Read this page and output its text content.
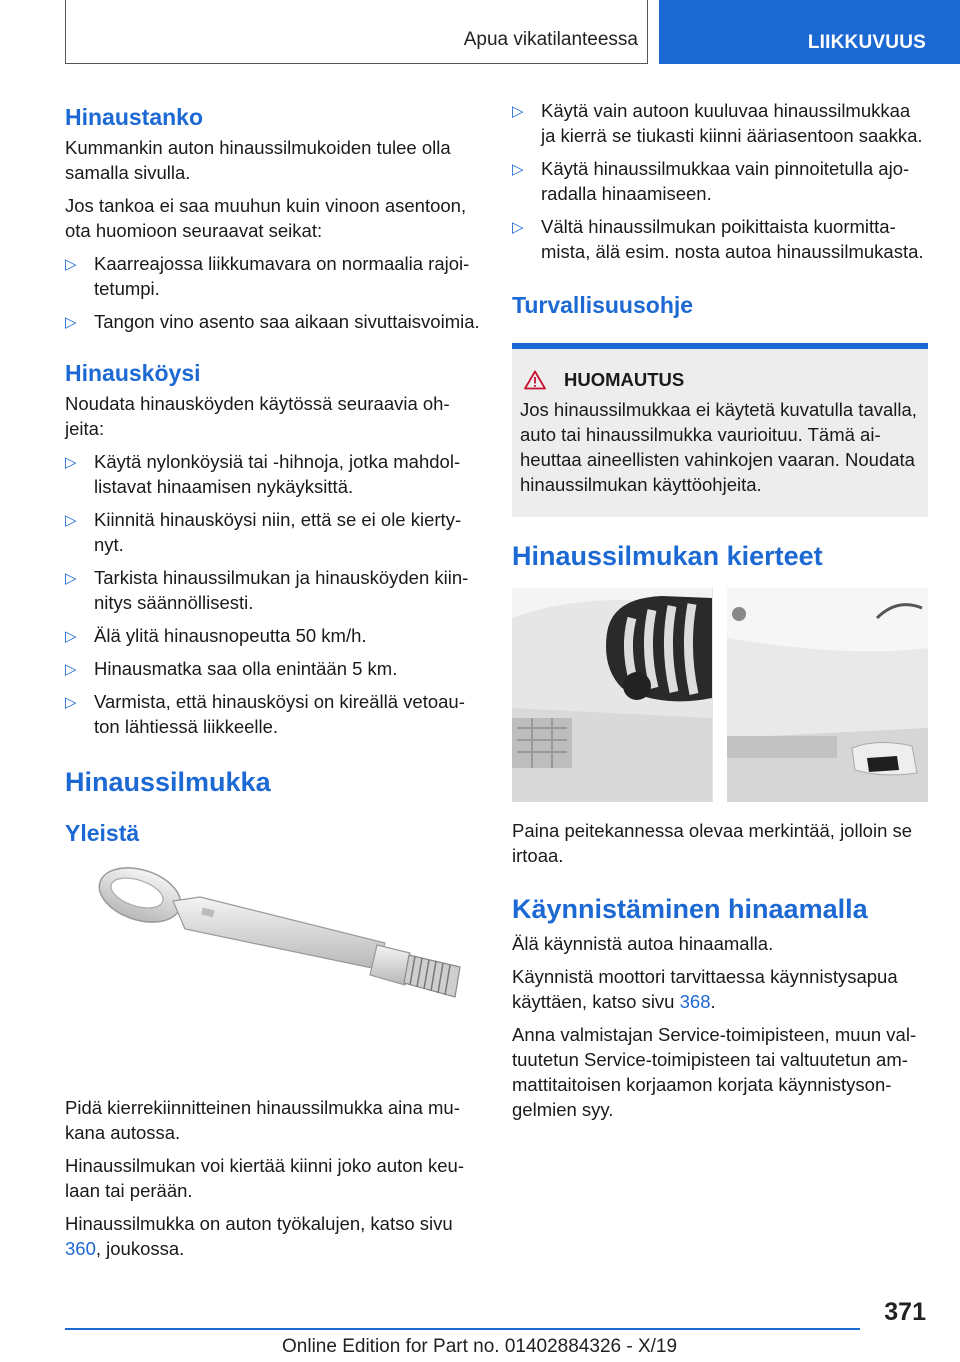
Apua vikatilanteessa	LIIKKUVUUS
Hinaustanko

Kummankin auton hinaussilmukoiden tulee olla samalla sivulla.

Jos tankoa ei saa muuhun kuin vinoon asentoon, ota huomioon seuraavat seikat:

▷ Kaarreajossa liikkumavara on normaalia rajoitetumpi.
▷ Tangon vino asento saa aikaan sivuttaisvoimia.
Hinausköysi

Noudata hinausköyden käytössä seuraavia ohjeita:

▷ Käytä nylonköysiä tai -hihnoja, jotka mahdollistavat hinaamisen nykäyksittä.
▷ Kiinnitä hinausköysi niin, että se ei ole kiertynyt.
▷ Tarkista hinaussilmukan ja hinausköyden kiinnitys säännöllisesti.
▷ Älä ylitä hinausnopeutta 50 km/h.
▷ Hinausmatka saa olla enintään 5 km.
▷ Varmista, että hinausköysi on kireällä vetoauton lähtiessä liikkeelle.
Hinaussilmukka
Yleistä

Pidä kierrekiinnitteinen hinaussilmukka aina mukana autossa.

Hinaussilmukan voi kiertää kiinni joko auton keulaan tai perään.

Hinaussilmukka on auton työkalujen, katso sivu 360, joukossa.

▷ Käytä vain autoon kuuluvaa hinaussilmukkaa ja kierrä se tiukasti kiinni ääriasentoon saakka.
▷ Käytä hinaussilmukkaa vain pinnoitetulla ajoradalla hinaamiseen.
▷ Vältä hinaussilmukan poikittaista kuormittamista, älä esim. nosta autoa hinaussilmukasta.
Turvallisuusohje
HUOMAUTUS

Jos hinaussilmukkaa ei käytetä kuvatulla tavalla, auto tai hinaussilmukka vaurioituu. Tämä aiheuttaa aineellisten vahinkojen vaaran. Noudata hinaussilmukan käyttöohjeita.

Hinaussilmukan kierteet

Paina peitekannessa olevaa merkintää, jolloin se irtoaa.

Käynnistäminen hinaamalla

Älä käynnistä autoa hinaamalla.

Käynnistä moottori tarvittaessa käynnistysapua käyttäen, katso sivu 368.

Anna valmistajan Service-toimipisteen, muun valtuutetun Service-toimipisteen tai valtuutetun ammattitaitoisen korjaamon korjata käynnistysongelmien syy.

371
Online Edition for Part no. 01402884326 - X/19
